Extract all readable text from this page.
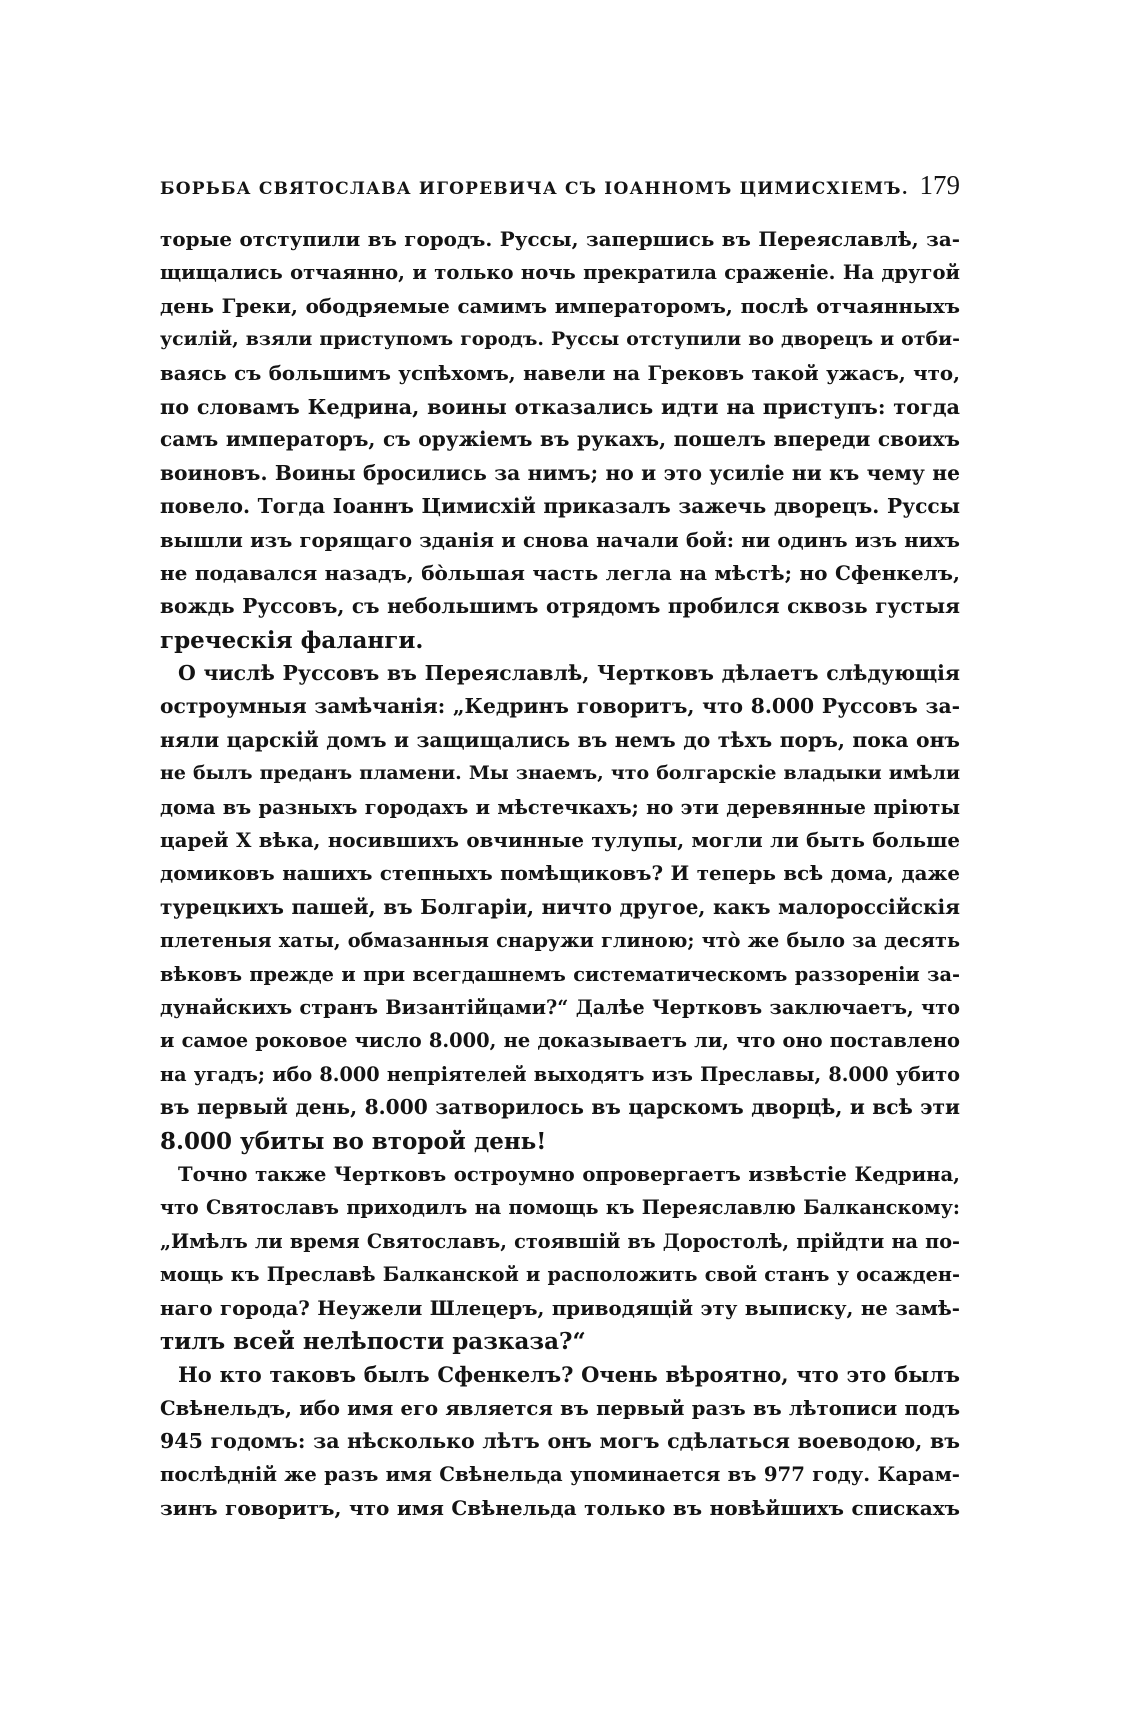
БОРЬБА СВЯТОСЛАВА ИГОРЕВИЧА СЪ ІОАННОМЪ ЦИМИСХІЕМЪ. 179
торые отступили въ городъ. Руссы, запершись въ Переяславлѣ, за-
щищались отчаянно, и только ночь прекратила сраженіе. На другой
день Греки, ободряемые самимъ императоромъ, послѣ отчаянныхъ
усилій, взяли приступомъ городъ. Руссы отступили во дворецъ и отби-
ваясь съ большимъ успѣхомъ, навели на Грековъ такой ужасъ, что,
по словамъ Кедрина, воины отказались идти на приступъ: тогда
самъ императоръ, съ оружіемъ въ рукахъ, пошелъ впереди своихъ
воиновъ. Воины бросились за нимъ; но и это усиліе ни къ чему не
повело. Тогда Іоаннъ Цимисхій приказалъ зажечь дворецъ. Руссы
вышли изъ горящаго зданія и снова начали бой: ни одинъ изъ нихъ
не подавался назадъ, бо̀льшая часть легла на мѣстѣ; но Сфенкелъ,
вождь Руссовъ, съ небольшимъ отрядомъ пробился сквозь густыя
греческія фаланги.
О числѣ Руссовъ въ Переяславлѣ, Чертковъ дѣлаетъ слѣдующія
остроумныя замѣчанія: „Кедринъ говоритъ, что 8.000 Руссовъ за-
няли царскій домъ и защищались въ немъ до тѣхъ поръ, пока онъ
не былъ преданъ пламени. Мы знаемъ, что болгарскіе владыки имѣли
дома въ разныхъ городахъ и мѣстечкахъ; но эти деревянные пріюты
царей X вѣка, носившихъ овчинные тулупы, могли ли быть больше
домиковъ нашихъ степныхъ помѣщиковъ? И теперь всѣ дома, даже
турецкихъ пашей, въ Болгаріи, ничто другое, какъ малороссійскія
плетеныя хаты, обмазанныя снаружи глиною; что̀ же было за десять
вѣковъ прежде и при всегдашнемъ систематическомъ раззореніи за-
дунайскихъ странъ Византійцами?“ Далѣе Чертковъ заключаетъ, что
и самое роковое число 8.000, не доказываетъ ли, что оно поставлено
на угадъ; ибо 8.000 непріятелей выходятъ изъ Преславы, 8.000 убито
въ первый день, 8.000 затворилось въ царскомъ дворцѣ, и всѣ эти
8.000 убиты во второй день!
Точно также Чертковъ остроумно опровергаетъ извѣстіе Кедрина,
что Святославъ приходилъ на помощь къ Переяславлю Балканскому:
„Имѣлъ ли время Святославъ, стоявшій въ Доростолѣ, прійдти на по-
мощь къ Преславѣ Балканской и расположить свой станъ у осажден-
наго города? Неужели Шлецеръ, приводящій эту выписку, не замѣ-
тилъ всей нелѣпости разказа?“
Но кто таковъ былъ Сфенкелъ? Очень вѣроятно, что это былъ
Свѣнельдъ, ибо имя его является въ первый разъ въ лѣтописи подъ
945 годомъ: за нѣсколько лѣтъ онъ могъ сдѣлаться воеводою, въ
послѣдній же разъ имя Свѣнельда упоминается въ 977 году. Карам-
зинъ говоритъ, что имя Свѣнельда только въ новѣйшихъ спискахъ
